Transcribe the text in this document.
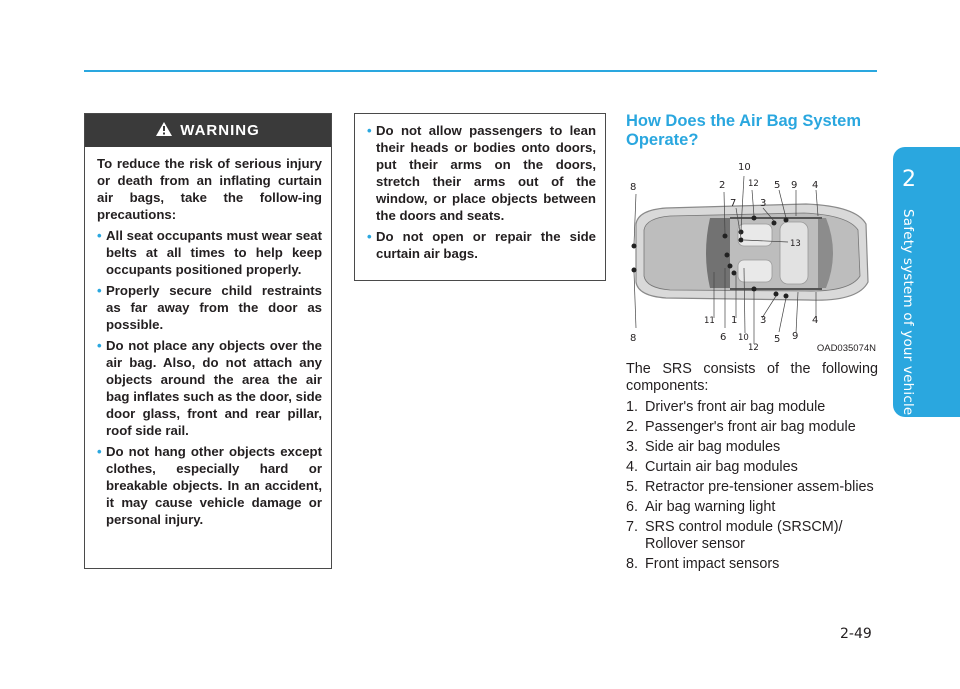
2
Safety system of your vehicle
WARNING

To reduce the risk of serious injury or death from an inflating curtain air bags, take the follow-ing precautions:

• All seat occupants must wear seat belts at all times to help keep occupants positioned properly.
• Properly secure child restraints as far away from the door as possible.
• Do not place any objects over the air bag. Also, do not attach any objects around the area the air bag inflates such as the door, side door glass, front and rear pillar, roof side rail.
• Do not hang other objects except clothes, especially hard or breakable objects. In an accident, it may cause vehicle damage or personal injury.
• Do not allow passengers to lean their heads or bodies onto doors, put their arms on the doors, stretch their arms out of the window, or place objects between the doors and seats.
• Do not open or repair the side curtain air bags.
How Does the Air Bag System Operate?
8	2
10
12
7 3
5 9 4
13
8
11
6
1
10
12
3
5 9
4
OAD035074N

The SRS consists of the following components:

1. Driver's front air bag module
2. Passenger's front air bag module
3. Side air bag modules
4. Curtain air bag modules
5. Retractor pre-tensioner assem-blies
6. Air bag warning light
7. SRS control module (SRSCM)/ Rollover sensor
8. Front impact sensors
2-49
